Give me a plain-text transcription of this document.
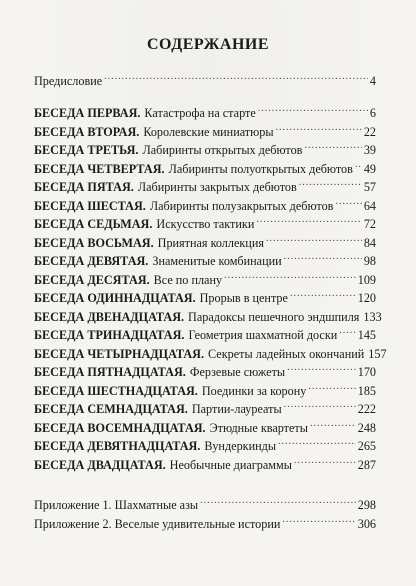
СОДЕРЖАНИЕ
Предисловие .....	4
БЕСЕДА ПЕРВАЯ. Катастрофа на старте .....	6
БЕСЕДА ВТОРАЯ. Королевские миниатюры .....	22
БЕСЕДА ТРЕТЬЯ. Лабиринты открытых дебютов .....	39
БЕСЕДА ЧЕТВЕРТАЯ. Лабиринты полуоткрытых дебютов ..... 49
БЕСЕДА ПЯТАЯ. Лабиринты закрытых дебютов .....	57
БЕСЕДА ШЕСТАЯ. Лабиринты полузакрытых дебютов ..... 64
БЕСЕДА СЕДЬМАЯ. Искусство тактики .....	72
БЕСЕДА ВОСЬМАЯ. Приятная коллекция .....	84
БЕСЕДА ДЕВЯТАЯ. Знаменитые комбинации .....	98
БЕСЕДА ДЕСЯТАЯ. Все по плану .....	109
БЕСЕДА ОДИННАДЦАТАЯ. Прорыв в центре .....	120
БЕСЕДА ДВЕНАДЦАТАЯ. Парадоксы пешечного эндшпиля 133
БЕСЕДА ТРИНАДЦАТАЯ. Геометрия шахматной доски ..... 145
БЕСЕДА ЧЕТЫРНАДЦАТАЯ. Секреты ладейных окончаний 157
БЕСЕДА ПЯТНАДЦАТАЯ. Ферзевые сюжеты .....	170
БЕСЕДА ШЕСТНАДЦАТАЯ. Поединки за корону .....	185
БЕСЕДА СЕМНАДЦАТАЯ. Партии-лауреаты .....	222
БЕСЕДА ВОСЕМНАДЦАТАЯ. Этюдные квартеты .....	248
БЕСЕДА ДЕВЯТНАДЦАТАЯ. Вундеркинды .....	265
БЕСЕДА ДВАДЦАТАЯ. Необычные диаграммы .....	287
Приложение 1. Шахматные азы .....	298
Приложение 2. Веселые удивительные истории .....	306
